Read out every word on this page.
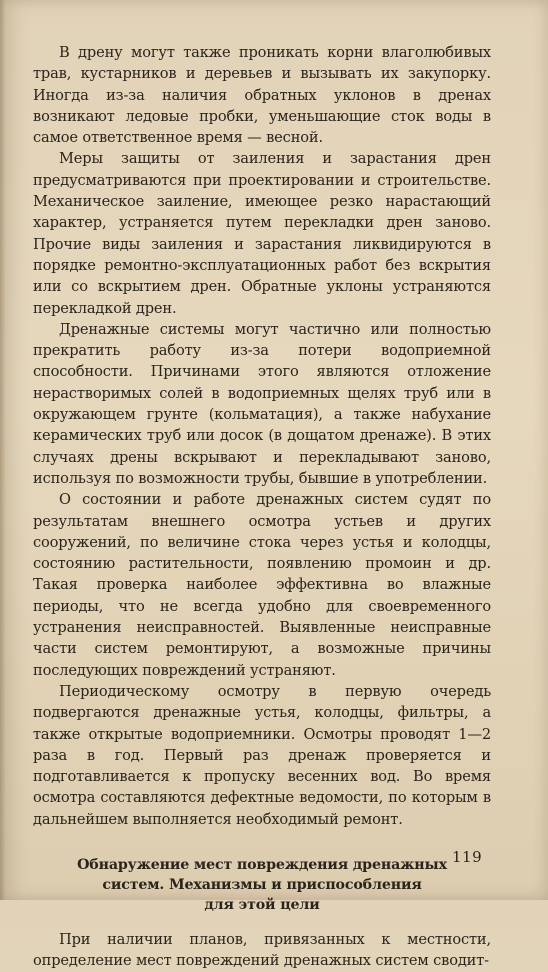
В дрену могут также проникать корни влаголюбивых трав, кустарников и деревьев и вызывать их закупорку. Иногда из-за наличия обратных уклонов в дренах возникают ледовые пробки, уменьшающие сток воды в самое ответственное время — весной.

Меры защиты от заиления и зарастания дрен предусматриваются при проектировании и строительстве. Механическое заиление, имеющее резко нарастающий характер, устраняется путем перекладки дрен заново. Прочие виды заиления и зарастания ликвидируются в порядке ремонтно-эксплуатационных работ без вскрытия или со вскрытием дрен. Обратные уклоны устраняются перекладкой дрен.

Дренажные системы могут частично или полностью прекратить работу из-за потери водоприемной способности. Причинами этого являются отложение нерастворимых солей в водоприемных щелях труб или в окружающем грунте (кольматация), а также набухание керамических труб или досок (в дощатом дренаже). В этих случаях дрены вскрывают и перекладывают заново, используя по возможности трубы, бывшие в употреблении.

О состоянии и работе дренажных систем судят по результатам внешнего осмотра устьев и других сооружений, по величине стока через устья и колодцы, состоянию растительности, появлению промоин и др. Такая проверка наиболее эффективна во влажные периоды, что не всегда удобно для своевременного устранения неисправностей. Выявленные неисправные части систем ремонтируют, а возможные причины последующих повреждений устраняют.

Периодическому осмотру в первую очередь подвергаются дренажные устья, колодцы, фильтры, а также открытые водоприемники. Осмотры проводят 1—2 раза в год. Первый раз дренаж проверяется и подготавливается к пропуску весенних вод. Во время осмотра составляются дефектные ведомости, по которым в дальнейшем выполняется необходимый ремонт.

Обнаружение мест повреждения дренажных
систем. Механизмы и приспособления
для этой цели

При наличии планов, привязанных к местности, определение мест повреждений дренажных систем сводит-

119
